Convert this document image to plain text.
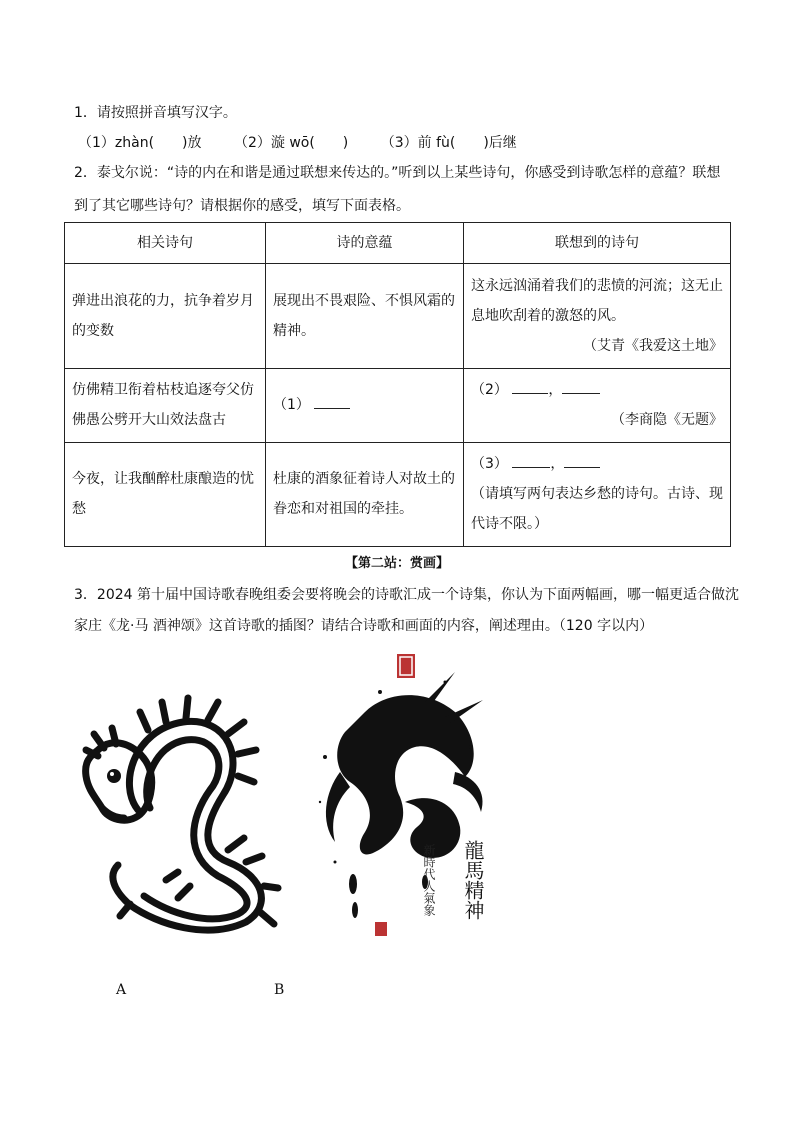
1．请按照拼音填写汉字。
（1）zhàn(　　)放 （2）漩 wō(　　) （3）前 fù(　　)后继
2．泰戈尔说：“诗的内在和谐是通过联想来传达的。”听到以上某些诗句，你感受到诗歌怎样的意蕴？联想
到了其它哪些诗句？请根据你的感受，填写下面表格。
相关诗句	诗的意蕴	联想到的诗句
弹进出浪花的力，抗争着岁月的变数	展现出不畏艰险、不惧风霜的精神。	这永远汹涌着我们的悲愤的河流；这无止息地吹刮着的激怒的风。
（艾青《我爱这土地》

仿佛精卫衔着枯枝追逐夸父仿佛愚公劈开大山效法盘古	（1）	（2） ，
（李商隐《无题》

今夜，让我酗醉杜康酿造的忧愁	杜康的酒象征着诗人对故土的眷恋和对祖国的牵挂。	（3） ，
（请填写两句表达乡愁的诗句。古诗、现代诗不限。）
【第二站：赏画】
3．2024 第十届中国诗歌春晚组委会要将晚会的诗歌汇成一个诗集，你认为下面两幅画，哪一幅更适合做沈
家庄《龙·马 酒神颂》这首诗歌的插图？请结合诗歌和画面的内容，阐述理由。（120 字以内）
A
龍馬精神
新時代人氣象
B
